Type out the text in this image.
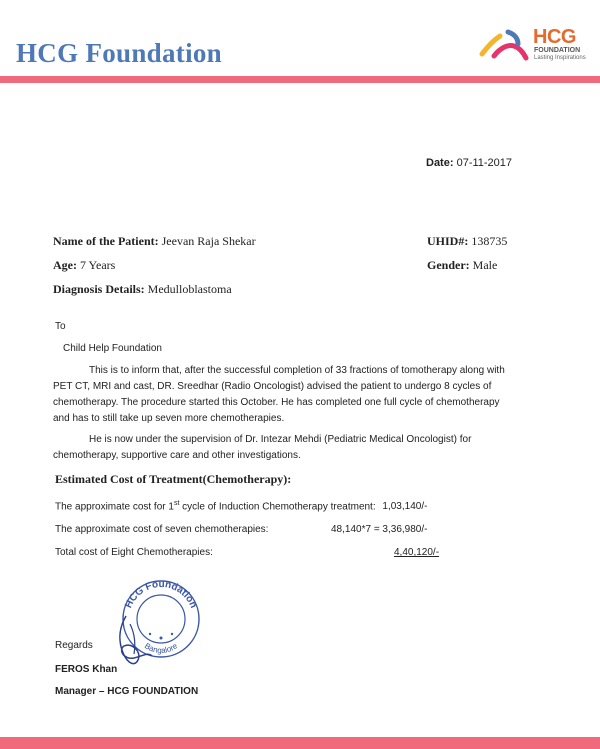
HCG Foundation
HCG
FOUNDATION
Lasting Inspirations
Date: 07-11-2017
Name of the Patient: Jeevan Raja Shekar	UHID#: 138735
Age: 7 Years	Gender: Male
Diagnosis Details: Medulloblastoma
To
Child Help Foundation
This is to inform that, after the successful completion of 33 fractions of tomotherapy along with
PET CT, MRI and cast, DR. Sreedhar (Radio Oncologist) advised the patient to undergo 8 cycles of
chemotherapy. The procedure started this October. He has completed one full cycle of chemotherapy
and has to still take up seven more chemotherapies.
He is now under the supervision of Dr. Intezar Mehdi (Pediatric Medical Oncologist) for
chemotherapy, supportive care and other investigations.
Estimated Cost of Treatment(Chemotherapy):
The approximate cost for 1st cycle of Induction Chemotherapy treatment: 1,03,140/-
The approximate cost of seven chemotherapies:	48,140*7 = 3,36,980/-
Total cost of Eight Chemotherapies:	4,40,120/-
HCG Foundation
Bangalore
Regards
FEROS Khan
Manager – HCG FOUNDATION
